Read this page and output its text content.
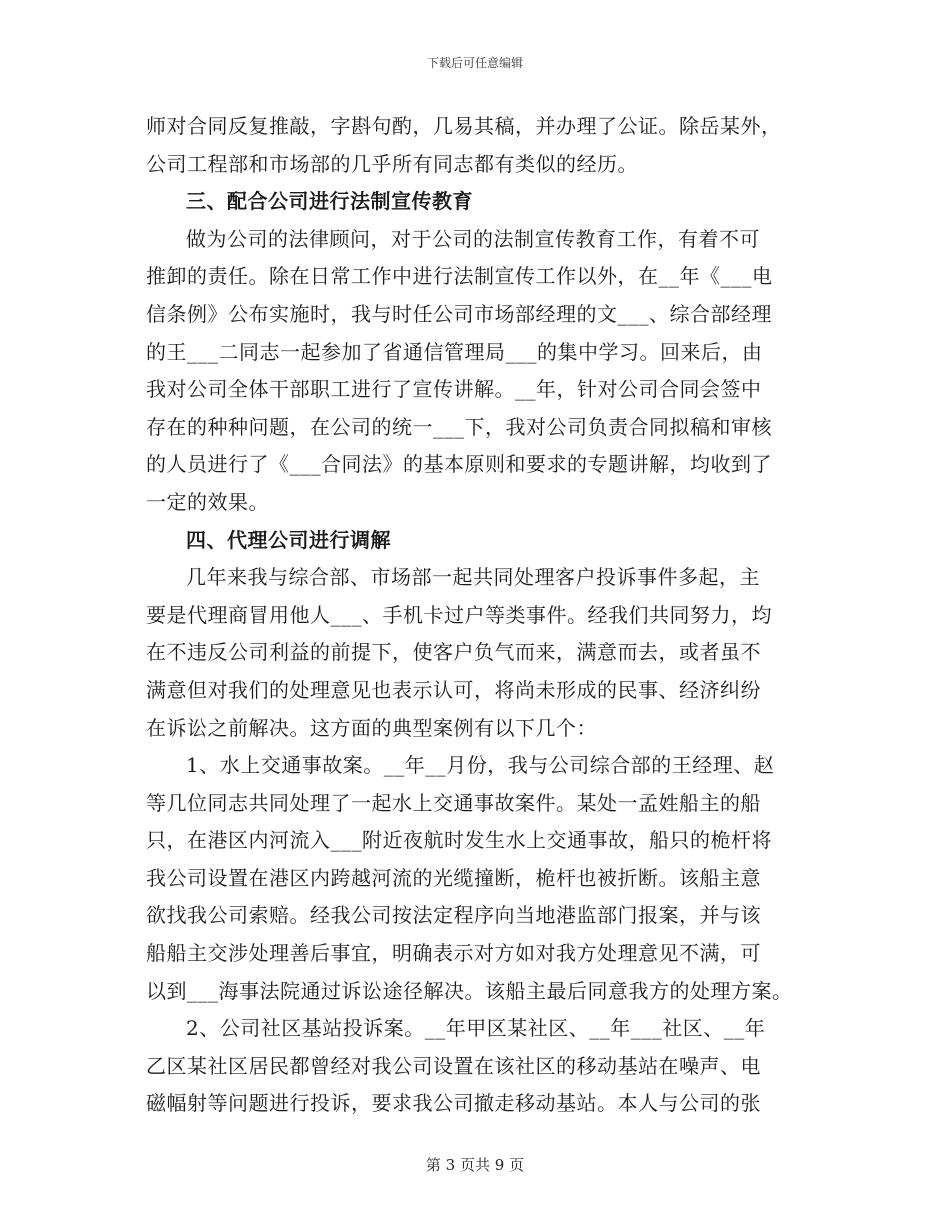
下载后可任意编辑
师对合同反复推敲，字斟句酌，几易其稿，并办理了公证。除岳某外，
公司工程部和市场部的几乎所有同志都有类似的经历。
三、配合公司进行法制宣传教育
做为公司的法律顾问，对于公司的法制宣传教育工作，有着不可
推卸的责任。除在日常工作中进行法制宣传工作以外，在__年《___电
信条例》公布实施时，我与时任公司市场部经理的文___、综合部经理
的王___二同志一起参加了省通信管理局___的集中学习。回来后，由
我对公司全体干部职工进行了宣传讲解。__年，针对公司合同会签中
存在的种种问题，在公司的统一___下，我对公司负责合同拟稿和审核
的人员进行了《___合同法》的基本原则和要求的专题讲解，均收到了
一定的效果。
四、代理公司进行调解
几年来我与综合部、市场部一起共同处理客户投诉事件多起，主
要是代理商冒用他人___、手机卡过户等类事件。经我们共同努力，均
在不违反公司利益的前提下，使客户负气而来，满意而去，或者虽不
满意但对我们的处理意见也表示认可，将尚未形成的民事、经济纠纷
在诉讼之前解决。这方面的典型案例有以下几个：
1、水上交通事故案。__年__月份，我与公司综合部的王经理、赵
等几位同志共同处理了一起水上交通事故案件。某处一孟姓船主的船
只，在港区内河流入___附近夜航时发生水上交通事故，船只的桅杆将
我公司设置在港区内跨越河流的光缆撞断，桅杆也被折断。该船主意
欲找我公司索赔。经我公司按法定程序向当地港监部门报案，并与该
船船主交涉处理善后事宜，明确表示对方如对我方处理意见不满，可
以到___海事法院通过诉讼途径解决。该船主最后同意我方的处理方案。
2、公司社区基站投诉案。__年甲区某社区、__年___社区、__年
乙区某社区居民都曾经对我公司设置在该社区的移动基站在噪声、电
磁幅射等问题进行投诉，要求我公司撤走移动基站。本人与公司的张
第 3 页共 9 页
